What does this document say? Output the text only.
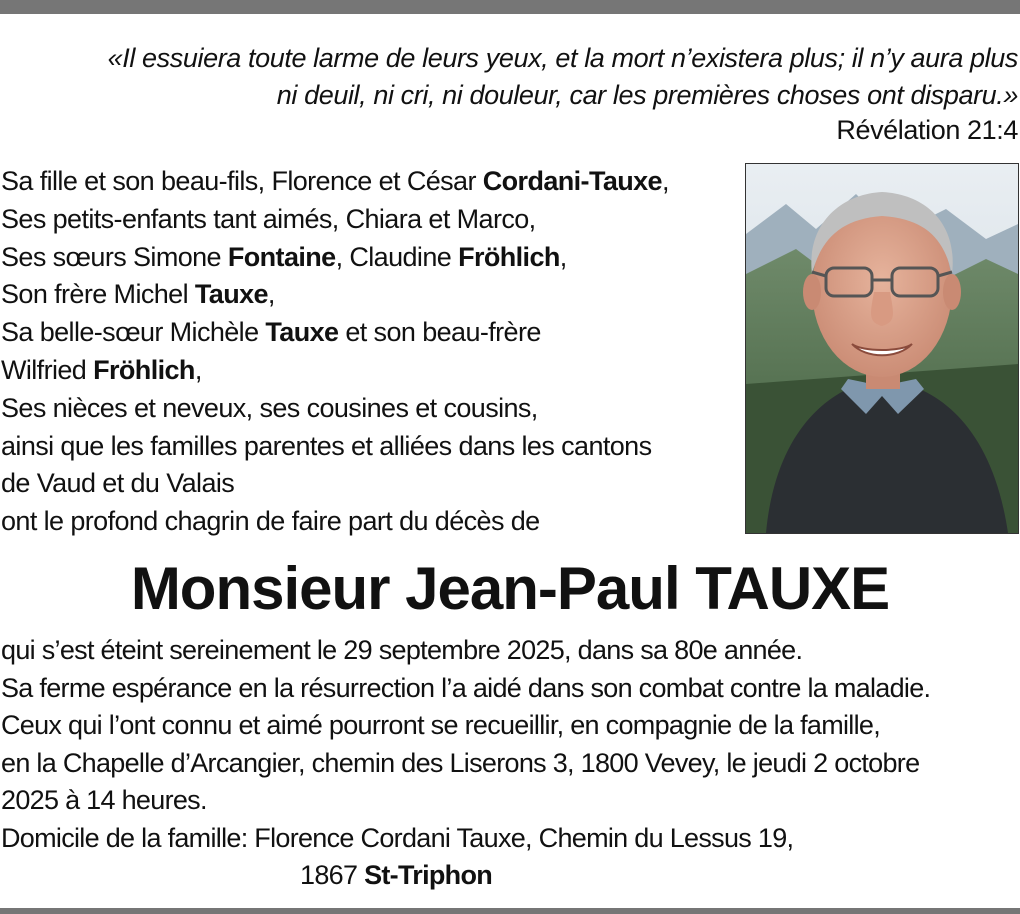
«Il essuiera toute larme de leurs yeux, et la mort n’existera plus; il n’y aura plus
ni deuil, ni cri, ni douleur, car les premières choses ont disparu.»
Révélation 21:4
Sa fille et son beau-fils, Florence et César Cordani-Tauxe,
Ses petits-enfants tant aimés, Chiara et Marco,
Ses sœurs Simone Fontaine, Claudine Fröhlich,
Son frère Michel Tauxe,
Sa belle-sœur Michèle Tauxe et son beau-frère
Wilfried Fröhlich,
Ses nièces et neveux, ses cousines et cousins,
ainsi que les familles parentes et alliées dans les cantons
de Vaud et du Valais
ont le profond chagrin de faire part du décès de
Monsieur Jean-Paul TAUXE
qui s’est éteint sereinement le 29 septembre 2025, dans sa 80e année.
Sa ferme espérance en la résurrection l’a aidé dans son combat contre la maladie.
Ceux qui l’ont connu et aimé pourront se recueillir, en compagnie de la famille,
en la Chapelle d’Arcangier, chemin des Liserons 3, 1800 Vevey, le jeudi 2 octobre
2025 à 14 heures.
Domicile de la famille: Florence Cordani Tauxe, Chemin du Lessus 19,
1867 St-Triphon
